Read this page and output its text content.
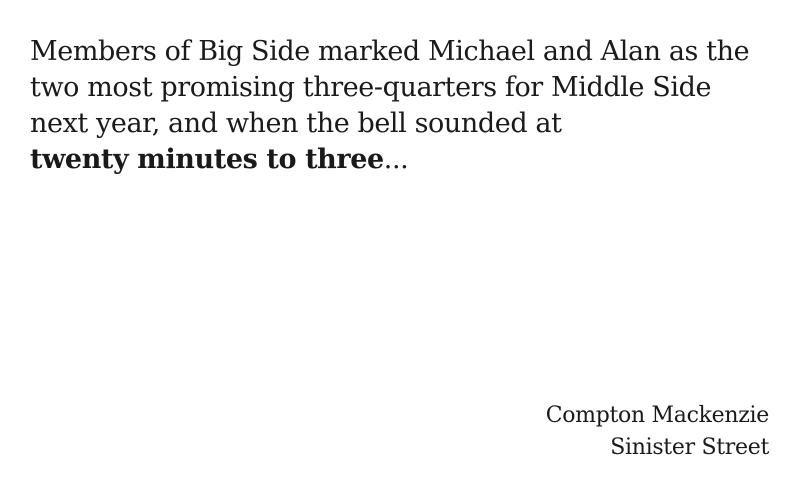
Members of Big Side marked Michael and Alan as the
two most promising three-quarters for Middle Side
next year, and when the bell sounded at
twenty minutes to three...
Compton Mackenzie
Sinister Street
